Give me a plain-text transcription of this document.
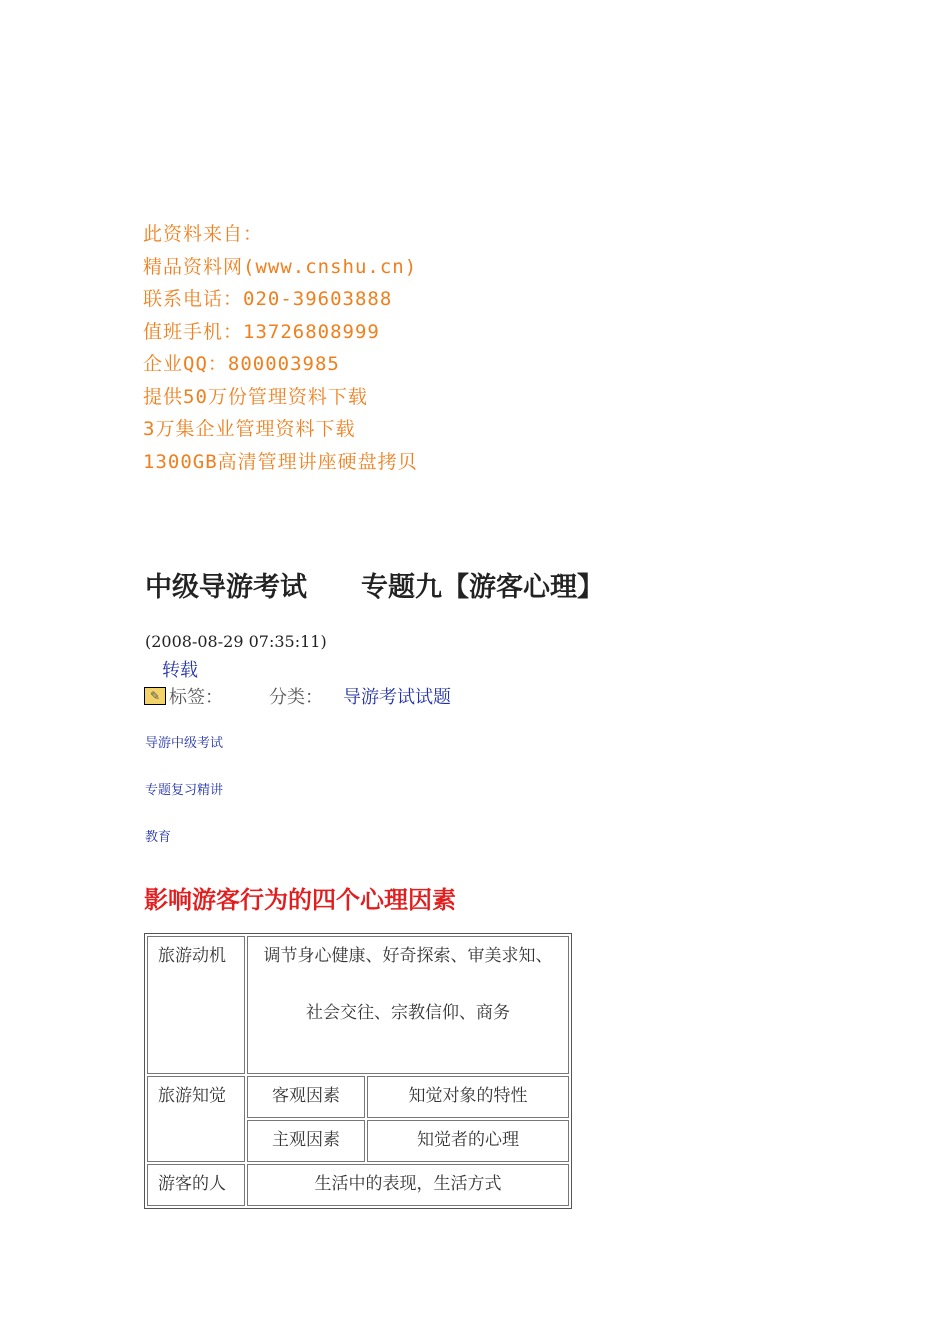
此资料来自：
精品资料网(www.cnshu.cn)
联系电话：020-39603888
值班手机：13726808999
企业QQ：800003985
提供50万份管理资料下载
3万集企业管理资料下载
1300GB高清管理讲座硬盘拷贝
中级导游考试　　专题九【游客心理】
(2008-08-29 07:35:11)
转载
✎ 标签：	分类： 导游考试试题
导游中级考试
专题复习精讲
教育
影响游客行为的四个心理因素
旅游动机	调节身心健康、好奇探索、审美求知、
社会交往、宗教信仰、商务	

旅游知觉	客观因素	知觉对象的特性
	主观因素	知觉者的心理
游客的人	生活中的表现，生活方式	
